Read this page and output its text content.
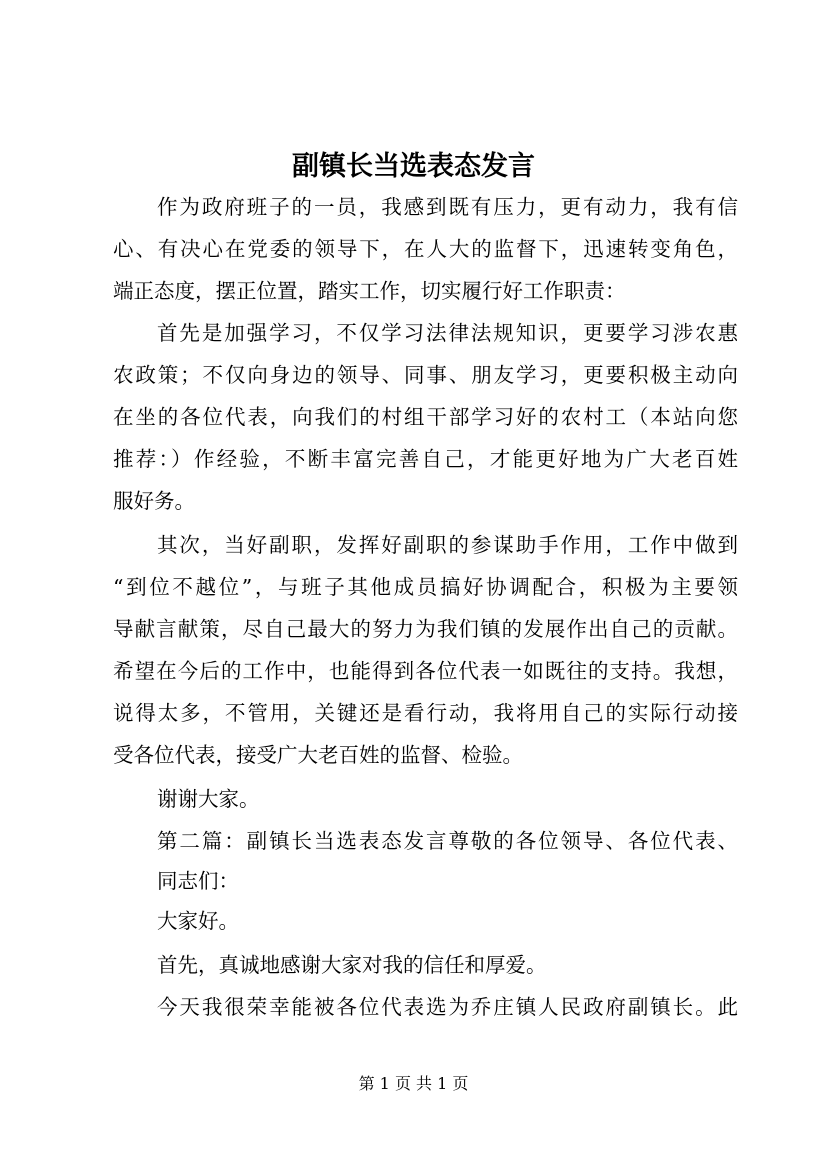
副镇长当选表态发言
作为政府班子的一员，我感到既有压力，更有动力，我有信
心、有决心在党委的领导下，在人大的监督下，迅速转变角色，
端正态度，摆正位置，踏实工作，切实履行好工作职责：
首先是加强学习，不仅学习法律法规知识，更要学习涉农惠
农政策；不仅向身边的领导、同事、朋友学习，更要积极主动向
在坐的各位代表，向我们的村组干部学习好的农村工（本站向您
推荐：）作经验，不断丰富完善自己，才能更好地为广大老百姓
服好务。
其次，当好副职，发挥好副职的参谋助手作用，工作中做到
“到位不越位”，与班子其他成员搞好协调配合，积极为主要领
导献言献策，尽自己最大的努力为我们镇的发展作出自己的贡献。
希望在今后的工作中，也能得到各位代表一如既往的支持。我想，
说得太多，不管用，关键还是看行动，我将用自己的实际行动接
受各位代表，接受广大老百姓的监督、检验。
谢谢大家。
第二篇：副镇长当选表态发言尊敬的各位领导、各位代表、
同志们：
大家好。
首先，真诚地感谢大家对我的信任和厚爱。
今天我很荣幸能被各位代表选为乔庄镇人民政府副镇长。此
第 1 页 共 1 页
